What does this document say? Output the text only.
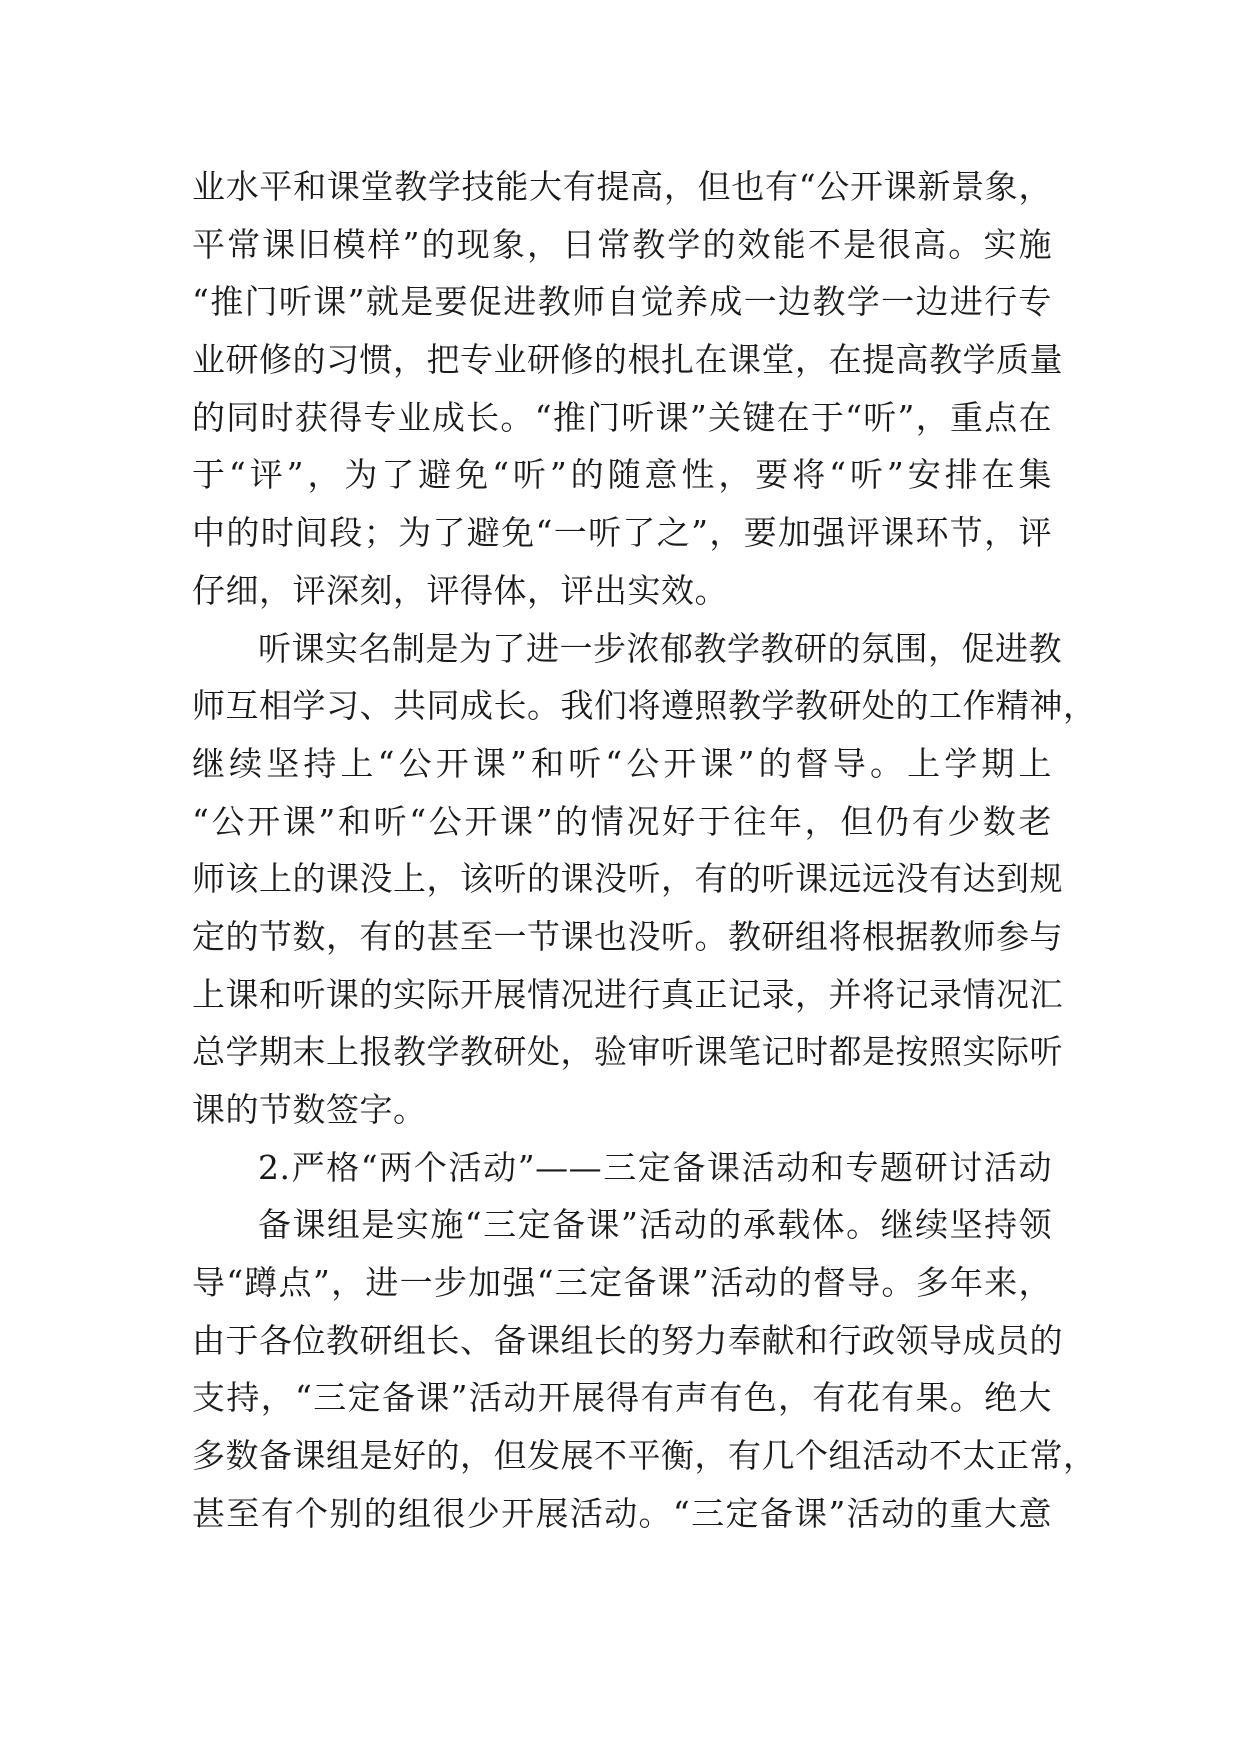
业水平和课堂教学技能大有提高，但也有“公开课新景象，
平常课旧模样”的现象，日常教学的效能不是很高。实施
“推门听课”就是要促进教师自觉养成一边教学一边进行专
业研修的习惯，把专业研修的根扎在课堂，在提高教学质量
的同时获得专业成长。“推门听课”关键在于“听”，重点在
于“评”，为了避免“听”的随意性，要将“听”安排在集
中的时间段；为了避免“一听了之”，要加强评课环节，评
仔细，评深刻，评得体，评出实效。
听课实名制是为了进一步浓郁教学教研的氛围，促进教
师互相学习、共同成长。我们将遵照教学教研处的工作精神，
继续坚持上“公开课”和听“公开课”的督导。上学期上
“公开课”和听“公开课”的情况好于往年，但仍有少数老
师该上的课没上，该听的课没听，有的听课远远没有达到规
定的节数，有的甚至一节课也没听。教研组将根据教师参与
上课和听课的实际开展情况进行真正记录，并将记录情况汇
总学期末上报教学教研处，验审听课笔记时都是按照实际听
课的节数签字。
2.严格“两个活动”——三定备课活动和专题研讨活动
备课组是实施“三定备课”活动的承载体。继续坚持领
导“蹲点”，进一步加强“三定备课”活动的督导。多年来，
由于各位教研组长、备课组长的努力奉献和行政领导成员的
支持，“三定备课”活动开展得有声有色，有花有果。绝大
多数备课组是好的，但发展不平衡，有几个组活动不太正常，
甚至有个别的组很少开展活动。“三定备课”活动的重大意
